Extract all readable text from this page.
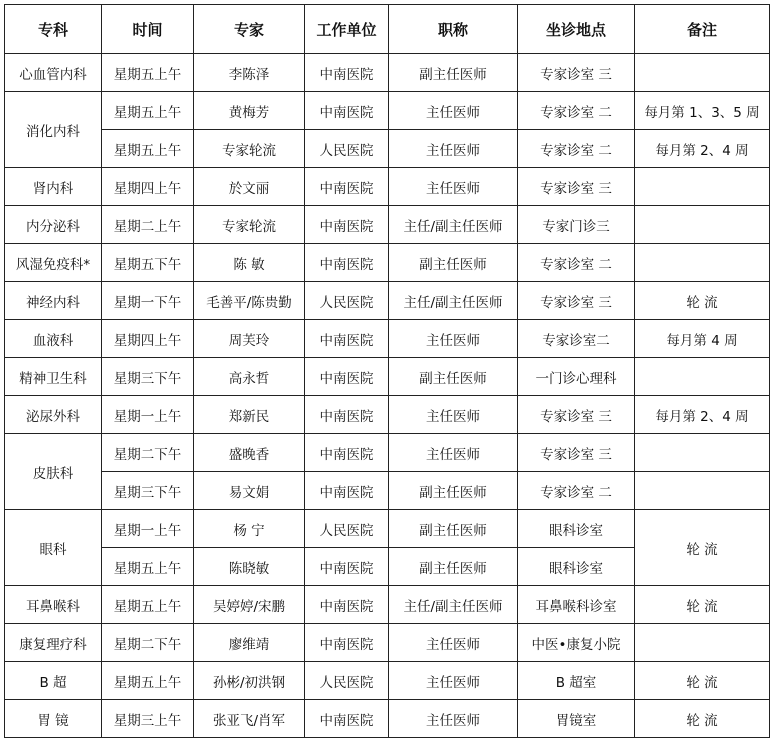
专科	时间	专家	工作单位	职称	坐诊地点	备注
心血管内科	星期五上午	李陈泽	中南医院	副主任医师	专家诊室 三	
消化内科	星期五上午	黄梅芳	中南医院	主任医师	专家诊室 二	每月第 1、3、5 周
	星期五上午	专家轮流	人民医院	主任医师	专家诊室 二	每月第 2、4 周
肾内科	星期四上午	於文丽	中南医院	主任医师	专家诊室 三	
内分泌科	星期二上午	专家轮流	中南医院	主任/副主任医师	专家门诊三	
风湿免疫科*	星期五下午	陈 敏	中南医院	副主任医师	专家诊室 二	
神经内科	星期一下午	毛善平/陈贵勤	人民医院	主任/副主任医师	专家诊室 三	轮 流
血液科	星期四上午	周芙玲	中南医院	主任医师	专家诊室二	每月第 4 周
精神卫生科	星期三下午	高永哲	中南医院	副主任医师	一门诊心理科	
泌尿外科	星期一上午	郑新民	中南医院	主任医师	专家诊室 三	每月第 2、4 周
皮肤科	星期二下午	盛晚香	中南医院	主任医师	专家诊室 三	
	星期三下午	易文娟	中南医院	副主任医师	专家诊室 二	
眼科	星期一上午	杨 宁	人民医院	副主任医师	眼科诊室	轮 流
	星期五上午	陈晓敏	中南医院	副主任医师	眼科诊室	
耳鼻喉科	星期五上午	吴婷婷/宋鹏	中南医院	主任/副主任医师	耳鼻喉科诊室	轮 流
康复理疗科	星期二下午	廖维靖	中南医院	主任医师	中医•康复小院	
B 超	星期五上午	孙彬/初洪钢	人民医院	主任医师	B 超室	轮 流
胃 镜	星期三上午	张亚飞/肖军	中南医院	主任医师	胃镜室	轮 流
